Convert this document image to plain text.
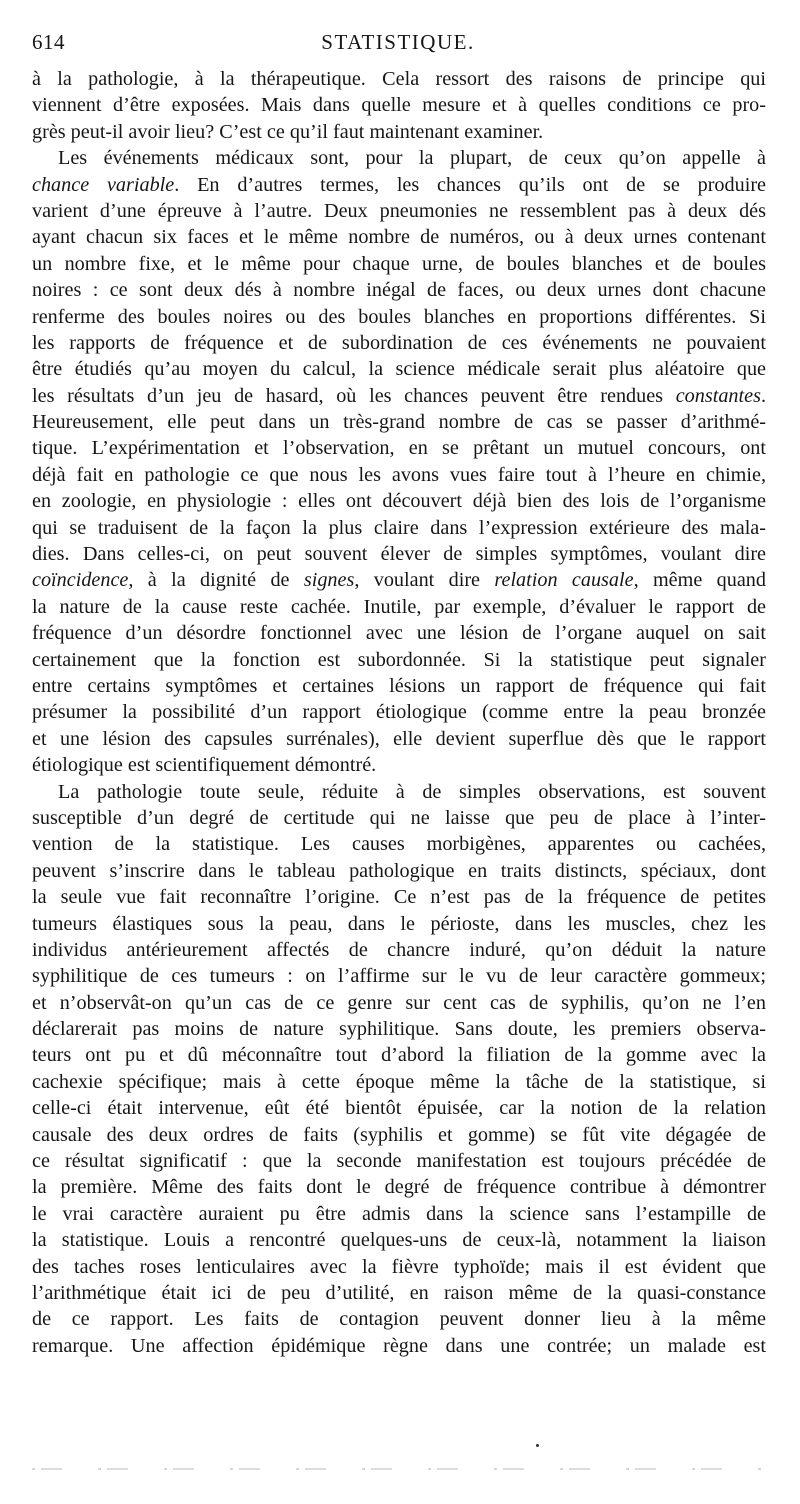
614	STATISTIQUE.
à la pathologie, à la thérapeutique. Cela ressort des raisons de principe qui
viennent d’être exposées. Mais dans quelle mesure et à quelles conditions ce pro-
grès peut-il avoir lieu? C’est ce qu’il faut maintenant examiner.
Les événements médicaux sont, pour la plupart, de ceux qu’on appelle à
chance variable. En d’autres termes, les chances qu’ils ont de se produire
varient d’une épreuve à l’autre. Deux pneumonies ne ressemblent pas à deux dés
ayant chacun six faces et le même nombre de numéros, ou à deux urnes contenant
un nombre fixe, et le même pour chaque urne, de boules blanches et de boules
noires : ce sont deux dés à nombre inégal de faces, ou deux urnes dont chacune
renferme des boules noires ou des boules blanches en proportions différentes. Si
les rapports de fréquence et de subordination de ces événements ne pouvaient
être étudiés qu’au moyen du calcul, la science médicale serait plus aléatoire que
les résultats d’un jeu de hasard, où les chances peuvent être rendues constantes.
Heureusement, elle peut dans un très-grand nombre de cas se passer d’arithmé-
tique. L’expérimentation et l’observation, en se prêtant un mutuel concours, ont
déjà fait en pathologie ce que nous les avons vues faire tout à l’heure en chimie,
en zoologie, en physiologie : elles ont découvert déjà bien des lois de l’organisme
qui se traduisent de la façon la plus claire dans l’expression extérieure des mala-
dies. Dans celles-ci, on peut souvent élever de simples symptômes, voulant dire
coïncidence, à la dignité de signes, voulant dire relation causale, même quand
la nature de la cause reste cachée. Inutile, par exemple, d’évaluer le rapport de
fréquence d’un désordre fonctionnel avec une lésion de l’organe auquel on sait
certainement que la fonction est subordonnée. Si la statistique peut signaler
entre certains symptômes et certaines lésions un rapport de fréquence qui fait
présumer la possibilité d’un rapport étiologique (comme entre la peau bronzée
et une lésion des capsules surrénales), elle devient superflue dès que le rapport
étiologique est scientifiquement démontré.
La pathologie toute seule, réduite à de simples observations, est souvent
susceptible d’un degré de certitude qui ne laisse que peu de place à l’inter-
vention de la statistique. Les causes morbigènes, apparentes ou cachées,
peuvent s’inscrire dans le tableau pathologique en traits distincts, spéciaux, dont
la seule vue fait reconnaître l’origine. Ce n’est pas de la fréquence de petites
tumeurs élastiques sous la peau, dans le périoste, dans les muscles, chez les
individus antérieurement affectés de chancre induré, qu’on déduit la nature
syphilitique de ces tumeurs : on l’affirme sur le vu de leur caractère gommeux;
et n’observât-on qu’un cas de ce genre sur cent cas de syphilis, qu’on ne l’en
déclarerait pas moins de nature syphilitique. Sans doute, les premiers observa-
teurs ont pu et dû méconnaître tout d’abord la filiation de la gomme avec la
cachexie spécifique; mais à cette époque même la tâche de la statistique, si
celle-ci était intervenue, eût été bientôt épuisée, car la notion de la relation
causale des deux ordres de faits (syphilis et gomme) se fût vite dégagée de
ce résultat significatif : que la seconde manifestation est toujours précédée de
la première. Même des faits dont le degré de fréquence contribue à démontrer
le vrai caractère auraient pu être admis dans la science sans l’estampille de
la statistique. Louis a rencontré quelques-uns de ceux-là, notamment la liaison
des taches roses lenticulaires avec la fièvre typhoïde; mais il est évident que
l’arithmétique était ici de peu d’utilité, en raison même de la quasi-constance
de ce rapport. Les faits de contagion peuvent donner lieu à la même
remarque. Une affection épidémique règne dans une contrée; un malade est
